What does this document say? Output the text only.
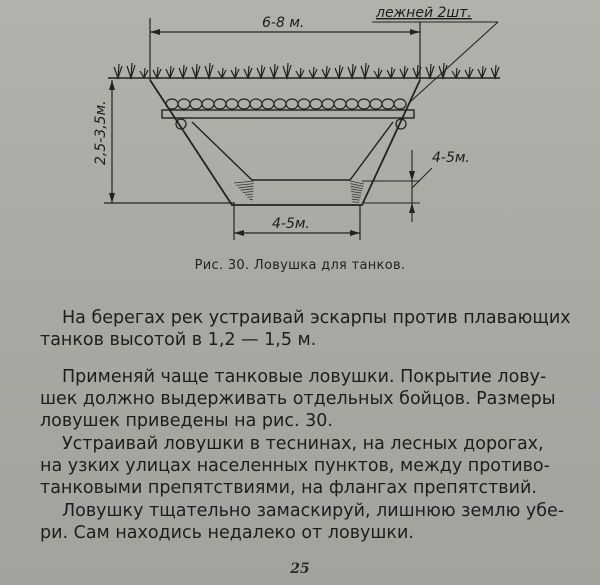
6-8 м.
лежней 2шт.
2,5-3,5м.	4-5м.
4-5м.
Рис. 30. Ловушка для танков.

На берегах рек устраивай эскарпы против плавающих
танков высотой в 1,2 — 1,5 м.

Применяй чаще танковые ловушки. Покрытие лову-
шек должно выдерживать отдельных бойцов. Размеры
ловушек приведены на рис. 30.

Устраивай ловушки в теснинах, на лесных дорогах,
на узких улицах населенных пунктов, между противо-
танковыми препятствиями, на флангах препятствий.

Ловушку тщательно замаскируй, лишнюю землю убе-
ри. Сам находись недалеко от ловушки.

25
